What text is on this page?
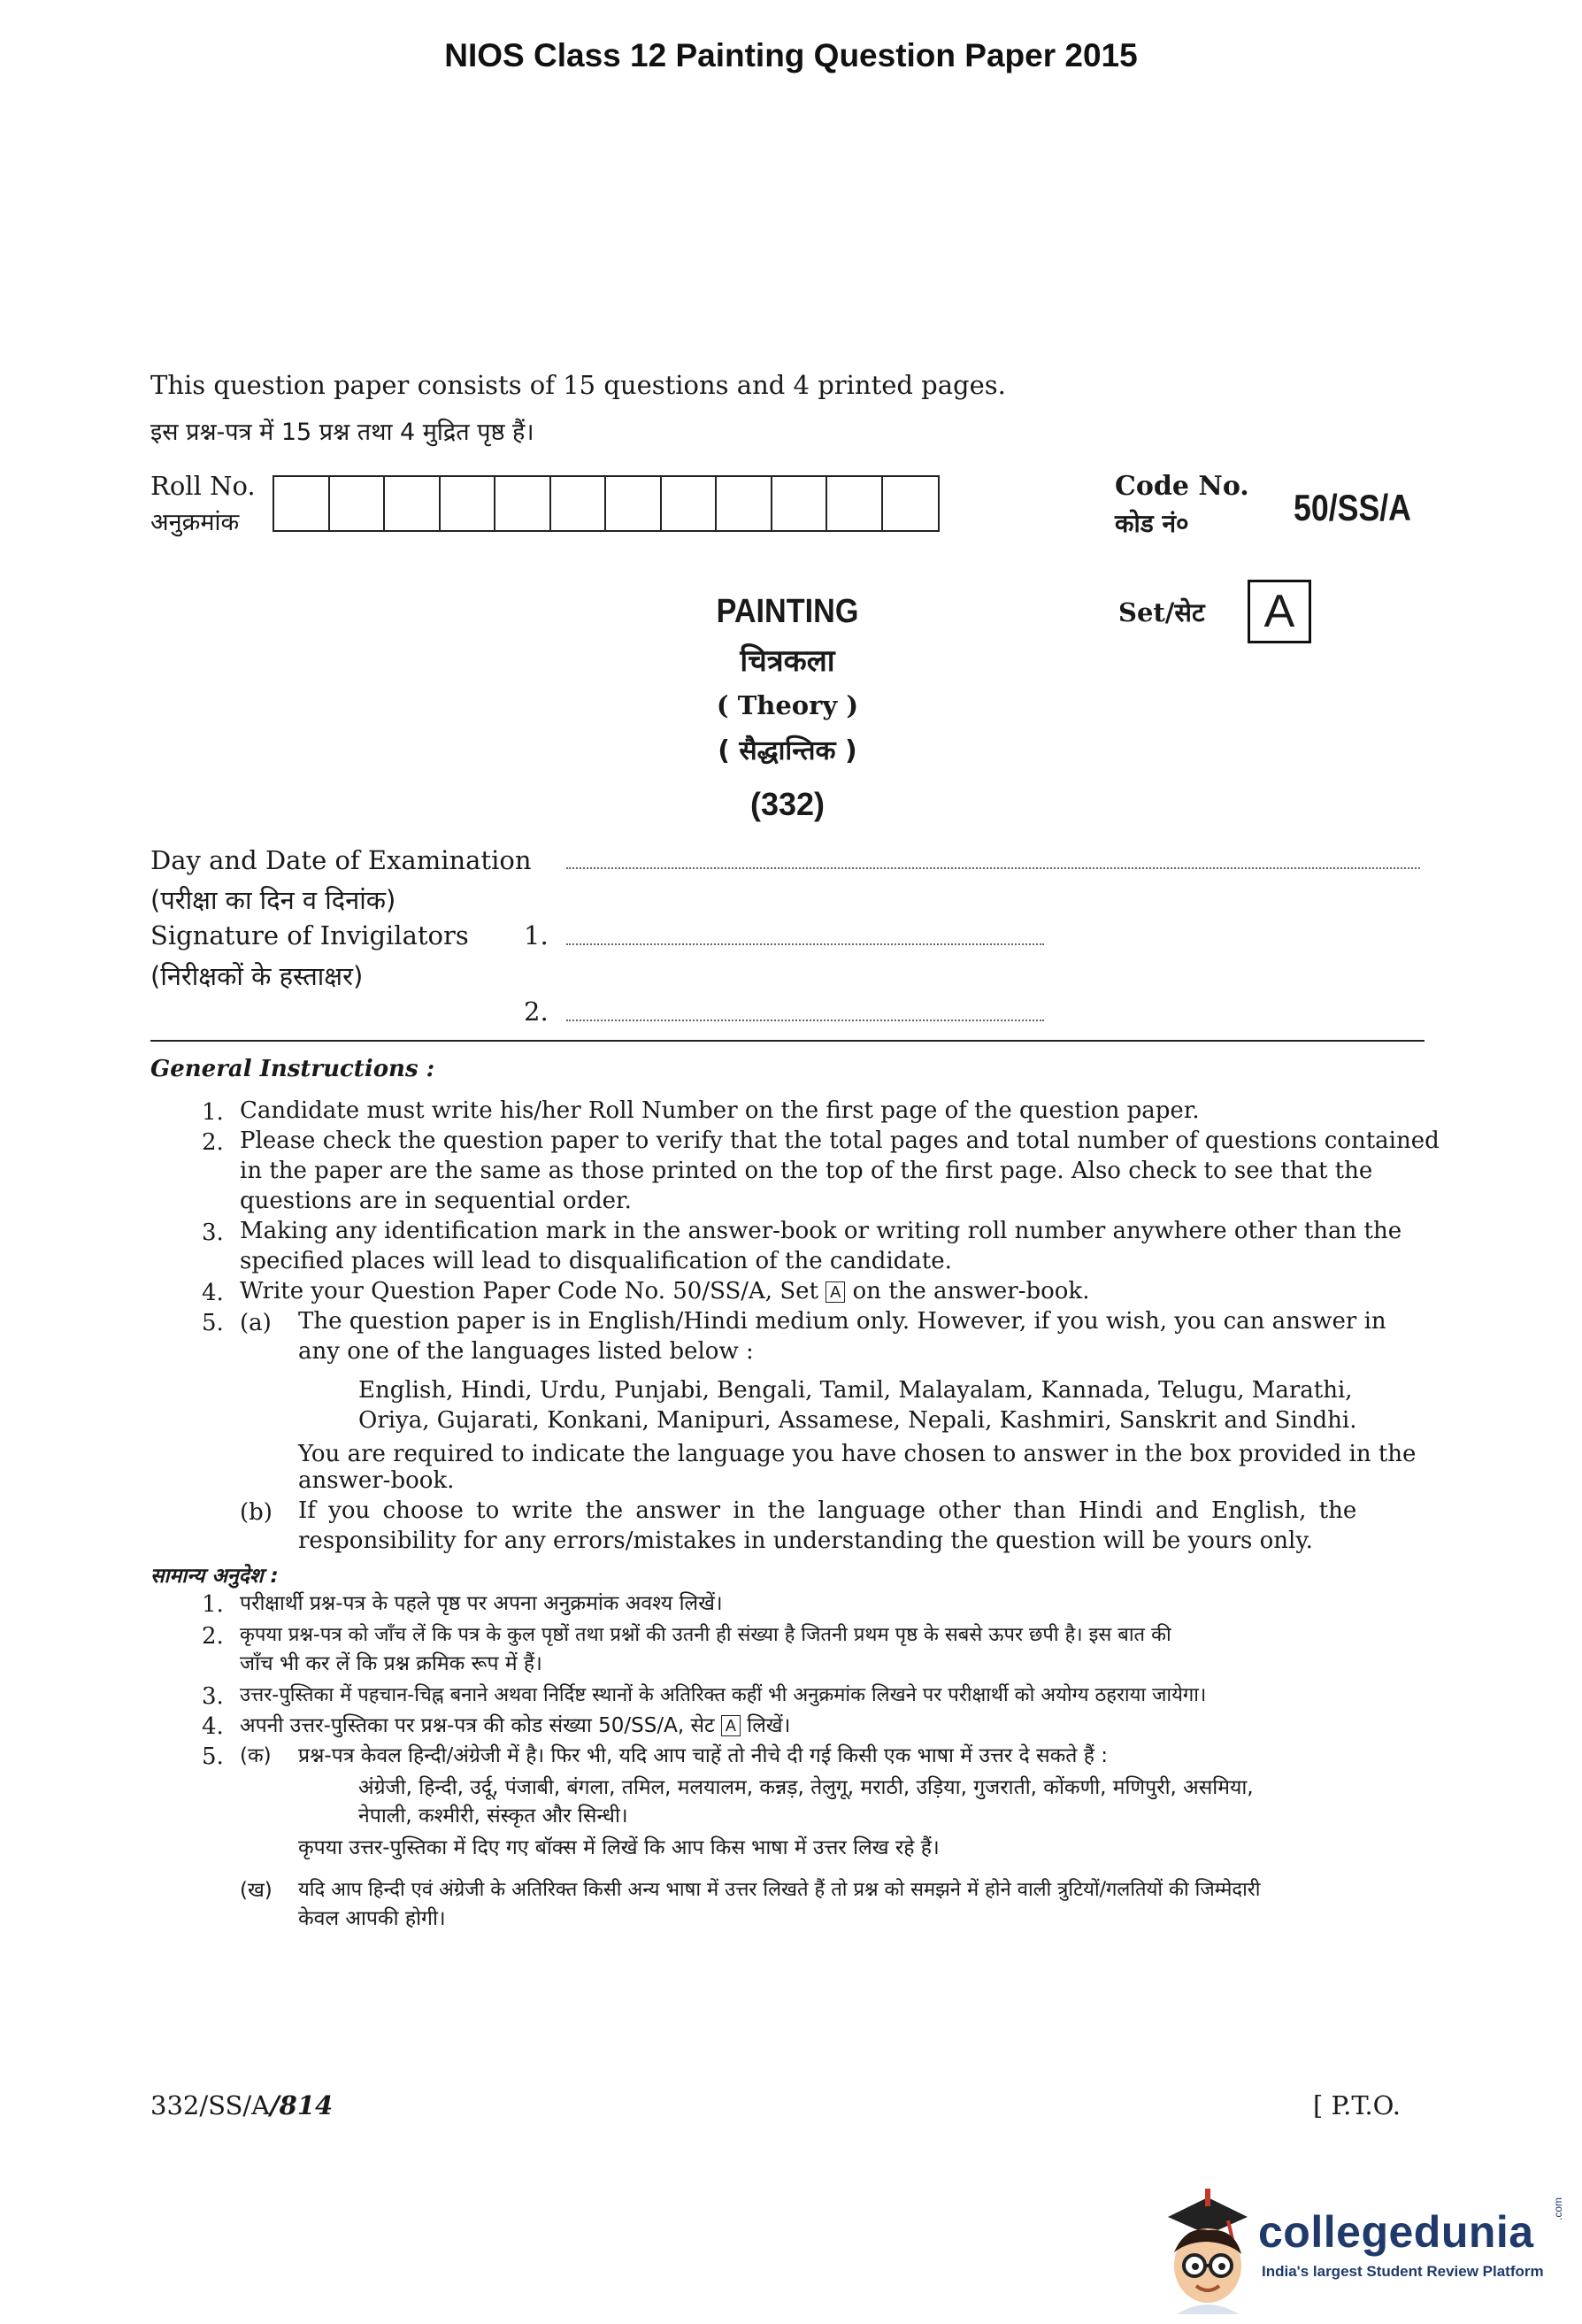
NIOS Class 12 Painting Question Paper 2015
This question paper consists of 15 questions and 4 printed pages.
इस प्रश्न-पत्र में 15 प्रश्न तथा 4 मुद्रित पृष्ठ हैं।
Roll No.
अनुक्रमांक
Code No.
कोड नं०	50/SS/A
Set/सेट	A
PAINTING
चित्रकला
( Theory )
( सैद्धान्तिक )
(332)
Day and Date of Examination
(परीक्षा का दिन व दिनांक)
Signature of Invigilators 1.
(निरीक्षकों के हस्ताक्षर)
2.
General Instructions :
1. Candidate must write his/her Roll Number on the first page of the question paper.
2. Please check the question paper to verify that the total pages and total number of questions contained
in the paper are the same as those printed on the top of the first page. Also check to see that the
questions are in sequential order.
3. Making any identification mark in the answer-book or writing roll number anywhere other than the
specified places will lead to disqualification of the candidate.
4. Write your Question Paper Code No. 50/SS/A, Set A on the answer-book.
5. (a) The question paper is in English/Hindi medium only. However, if you wish, you can answer in
any one of the languages listed below :
English, Hindi, Urdu, Punjabi, Bengali, Tamil, Malayalam, Kannada, Telugu, Marathi,
Oriya, Gujarati, Konkani, Manipuri, Assamese, Nepali, Kashmiri, Sanskrit and Sindhi.
You are required to indicate the language you have chosen to answer in the box provided in the
answer-book.
(b) If you choose to write the answer in the language other than Hindi and English, the
responsibility for any errors/mistakes in understanding the question will be yours only.
सामान्य अनुदेश :
1. परीक्षार्थी प्रश्न-पत्र के पहले पृष्ठ पर अपना अनुक्रमांक अवश्य लिखें।
2. कृपया प्रश्न-पत्र को जाँच लें कि पत्र के कुल पृष्ठों तथा प्रश्नों की उतनी ही संख्या है जितनी प्रथम पृष्ठ के सबसे ऊपर छपी है। इस बात की
जाँच भी कर लें कि प्रश्न क्रमिक रूप में हैं।
3. उत्तर-पुस्तिका में पहचान-चिह्न बनाने अथवा निर्दिष्ट स्थानों के अतिरिक्त कहीं भी अनुक्रमांक लिखने पर परीक्षार्थी को अयोग्य ठहराया जायेगा।
4. अपनी उत्तर-पुस्तिका पर प्रश्न-पत्र की कोड संख्या 50/SS/A, सेट A लिखें।
5. (क) प्रश्न-पत्र केवल हिन्दी/अंग्रेजी में है। फिर भी, यदि आप चाहें तो नीचे दी गई किसी एक भाषा में उत्तर दे सकते हैं :
अंग्रेजी, हिन्दी, उर्दू, पंजाबी, बंगला, तमिल, मलयालम, कन्नड़, तेलुगू, मराठी, उड़िया, गुजराती, कोंकणी, मणिपुरी, असमिया,
नेपाली, कश्मीरी, संस्कृत और सिन्धी।
कृपया उत्तर-पुस्तिका में दिए गए बॉक्स में लिखें कि आप किस भाषा में उत्तर लिख रहे हैं।
(ख) यदि आप हिन्दी एवं अंग्रेजी के अतिरिक्त किसी अन्य भाषा में उत्तर लिखते हैं तो प्रश्न को समझने में होने वाली त्रुटियों/गलतियों की जिम्मेदारी
केवल आपकी होगी।
332/SS/A/814	[ P.T.O.
collegedunia .com
India's largest Student Review Platform
